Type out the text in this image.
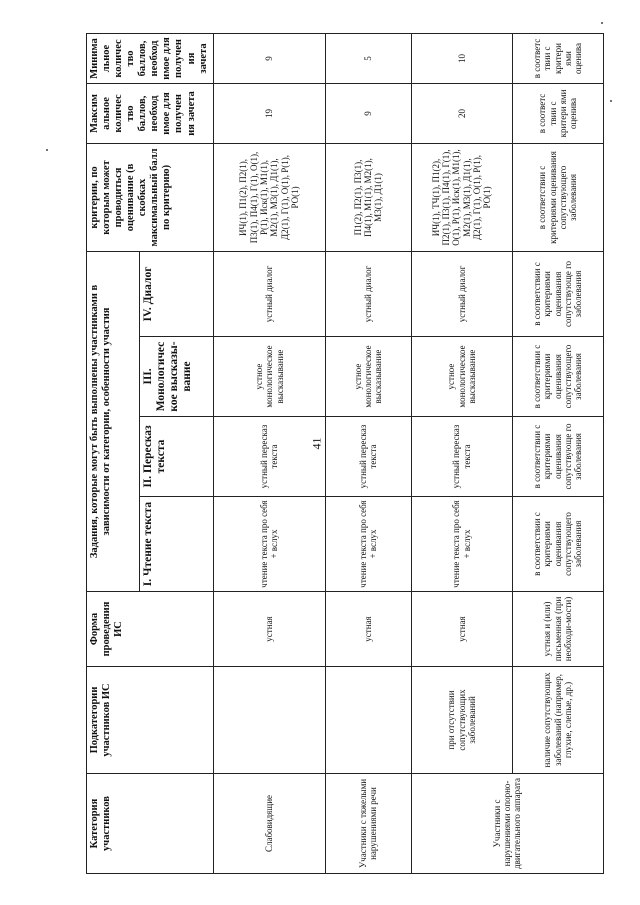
41
Категория участников	Подкатегории участников ИС	Форма проведения ИС	Задания, которые могут быть выполнены участниками в зависимости от категории, особенности участия				критерии, по которым может проводиться оценивание (в скобках максимальный балл по критерию)	Максим альное количес тво баллов, необход имое для получен ия зачета	Минима льное количес тво баллов, необход имое для получен ия зачета
			I. Чтение текста	II. Пересказ текста	III. Монологичес кое высказы- вание	IV. Диалог			
Слабовидящие		устная	чтение текста про себя + вслух	устный пересказ текста	устное монологическое высказывание	устный диалог	ИЧ(1), П1(2), П2(1), П3(1), П4(1), Г(1), О(1), Р(1), Иск(1), М1(1), М2(1), М3(1), Д1(1), Д2(1), Г(1), О(1), Р(1), РО(1)	19	9
Участники с тяжелыми нарушениями речи		устная	чтение текста про себя + вслух	устный пересказ текста	устное монологическое высказывание	устный диалог	П1(2), П2(1), П3(1), П4(1), М1(1), М2(1), М3(1), Д1(1)	9	5
Участники с нарушениями опорно-двигательного аппарата	при отсутствии сопутствующих заболеваний	устная	чтение текста про себя + вслух	устный пересказ текста	устное монологическое высказывание	устный диалог	ИЧ(1), ТЧ(1), П1(2), П2(1), П3(1), П4(1), Г(1), О(1), Р(1), Иск(1), М1(1), М2(1), М3(1), Д1(1), Д2(1), Г(1), О(1), Р(1), РО(1)	20	10
	наличие сопутствующих заболеваний (например, глухие, слепые, др.)	устная и (или) письменная (при необходи-мости)	в соответствии с критериями оценивания сопутствующего заболевания	в соответствии с критериями оценивания сопутствующе го заболевания	в соответствии с критериями оценивания сопутствующего заболевания	в соответствии с критериями оценивания сопутствующе го заболевания	в соответствии с критериями оценивания сопутствующего заболевания	в соответс твии с критери ями оценива	в соответс твии с критери ями оценива
